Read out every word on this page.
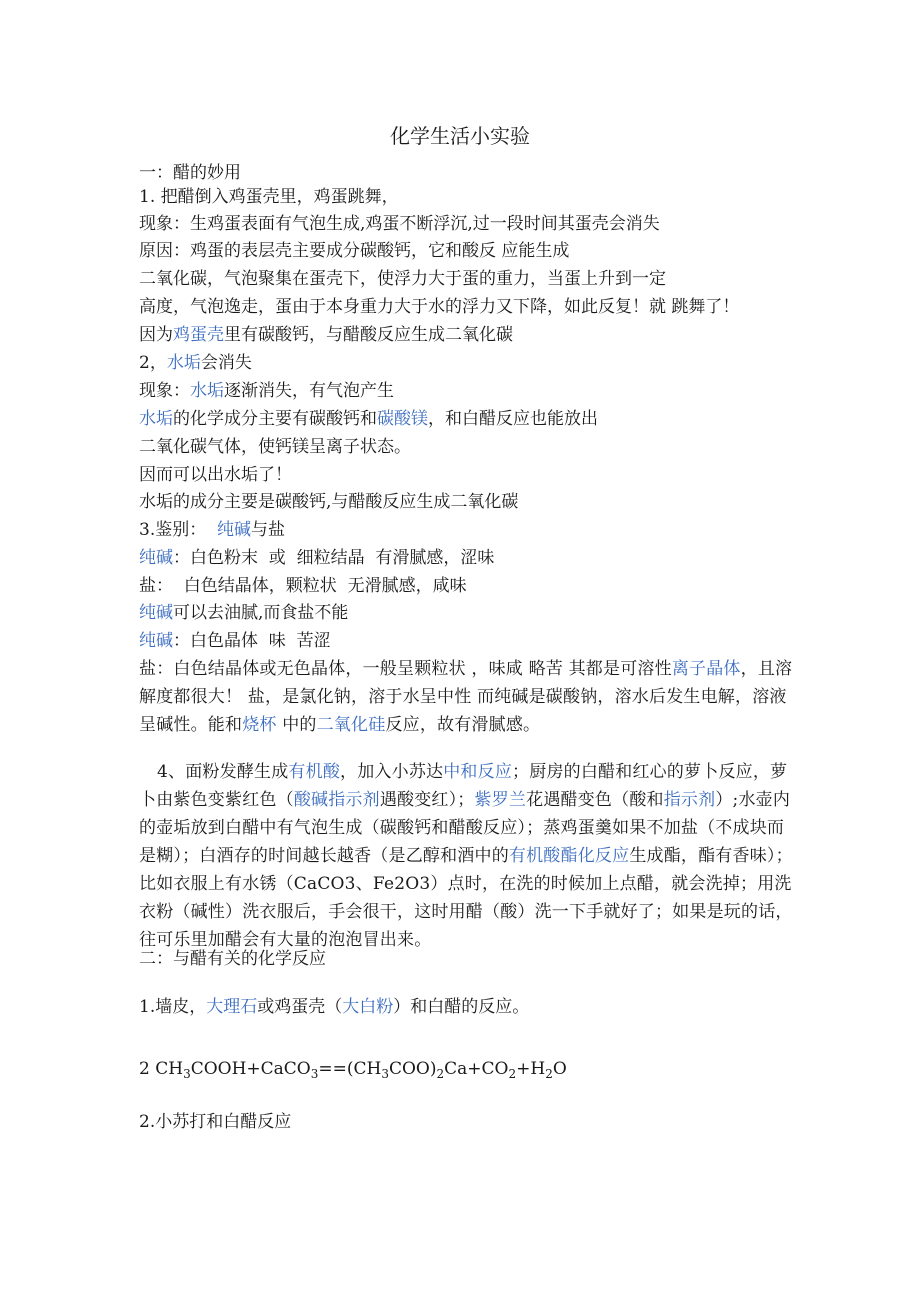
化学生活小实验
一：醋的妙用
1. 把醋倒入鸡蛋壳里，鸡蛋跳舞，
现象：生鸡蛋表面有气泡生成,鸡蛋不断浮沉,过一段时间其蛋壳会消失
原因：鸡蛋的表层壳主要成分碳酸钙，它和酸反 应能生成
二氧化碳，气泡聚集在蛋壳下，使浮力大于蛋的重力，当蛋上升到一定
高度，气泡逸走，蛋由于本身重力大于水的浮力又下降，如此反复！就 跳舞了！
因为鸡蛋壳里有碳酸钙，与醋酸反应生成二氧化碳
2，水垢会消失
现象：水垢逐渐消失，有气泡产生
水垢的化学成分主要有碳酸钙和碳酸镁，和白醋反应也能放出
二氧化碳气体，使钙镁呈离子状态。
因而可以出水垢了！
水垢的成分主要是碳酸钙,与醋酸反应生成二氧化碳
3.鉴别：  纯碱与盐
纯碱：白色粉末  或  细粒结晶  有滑腻感，涩味
盐：  白色结晶体，颗粒状  无滑腻感，咸味
纯碱可以去油腻,而食盐不能
纯碱：白色晶体  味  苦涩
盐：白色结晶体或无色晶体，一般呈颗粒状 ，味咸 略苦 其都是可溶性离子晶体，且溶解度都很大！ 盐，是氯化钠，溶于水呈中性 而纯碱是碳酸钠，溶水后发生电解，溶液呈碱性。能和烧杯 中的二氧化硅反应，故有滑腻感。
4、面粉发酵生成有机酸，加入小苏达中和反应；厨房的白醋和红心的萝卜反应，萝卜由紫色变紫红色（酸碱指示剂遇酸变红）；紫罗兰花遇醋变色（酸和指示剂）;水壶内的壶垢放到白醋中有气泡生成（碳酸钙和醋酸反应）；蒸鸡蛋羹如果不加盐（不成块而是糊）；白酒存的时间越长越香（是乙醇和酒中的有机酸酯化反应生成酯，酯有香味）；比如衣服上有水锈（CaCO3、Fe2O3）点时，在洗的时候加上点醋，就会洗掉；用洗衣粉（碱性）洗衣服后，手会很干，这时用醋（酸）洗一下手就好了；如果是玩的话，往可乐里加醋会有大量的泡泡冒出来。
二：与醋有关的化学反应
1.墙皮，大理石或鸡蛋壳（大白粉）和白醋的反应。
2 $CH_3COOH+CaCO_3==(CH_3COO)_2Ca+CO_2+H_2O$
2.小苏打和白醋反应
